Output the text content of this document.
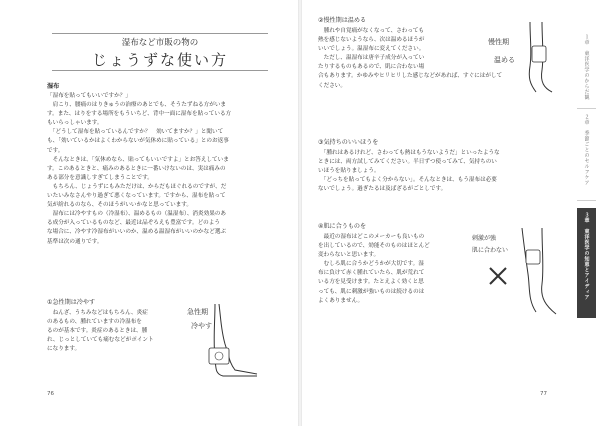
湿布など市販の物の
じょうずな使い方

湿布

「湿布を貼ってもいいですか？」
　肩こり、腰痛のはりきゅうの治療のあとでも、そうたずねる方がいま
す。また、はりをする場所をもういちど、背中一面に湿布を貼っている方
もいらっしゃいます。
　「どうして湿布を貼っているんですか？　効いてますか？」と聞いて
も、「効いているかはよくわからないが気休めに貼っている」とのお返事
です。
　そんなときは、「気休めなら、貼ってもいいですよ」とお答えしていま
す。このあるときと、痛みのあるときに一番いけないのは、実は痛みの
ある部分を意識しすぎてしまうことです。
　もちろん、じょうずにもみただけは、からだもほぐれるのですが、だ
いたいみなさんやり過ぎて悪くなっています。ですから、湿布を貼って
気が紛れるのなら、そのほうがいいかなと思っています。
　湿布には冷やすもの（冷湿布）、温めるもの（温湿布）、消炎効果のあ
る成分が入っているものなど、最近は品ぞろえも豊富です。どのよう
な場合に、冷やす冷湿布がいいのか、温める温湿布がいいのかなど選ぶ
基準は次の通りです。

①急性期は冷やす

　ねんざ、うちみなどはもちろん、炎症
のあるもの、腫れていますの冷湿布を
るのが基本です。炎症のあるときは、腫
れ、じっとしていても痛むなどがポイント
になります。
急性期
冷やす
76

②慢性期は温める

　腫れや自覚痛がなくなって、さわっても
熱を感じないようなら、次は温めるほうが
いいでしょう。温湿布に変えてください。
　ただし、温湿布は唐辛子成分が入ってい
たりするものもあるので、肌に合わない場
合もあります。かゆみやヒリヒリした感じなどがあれば、すぐにはがして
ください。
慢性期
温める

③気持ちのいいほうを

　「腫れはあるけれど、さわっても熱はもうないようだ」といったような
ときには、両方試してみてください。半日ずつ使ってみて、気持ちのい
いほうを貼りましょう。
　「どっちを貼ってもよく分からない」。そんなときは、もう湿布は必要
ないでしょう。過ぎたるは及ばざるがごとしです。

④肌に合うものを

　最近の湿布はどこのメーカーも良いもの
を出しているので、効能そのものはほとんど
変わらないと思います。
　むしろ肌に合うかどうかが大切です。湿
布に負けて赤く腫れていたら、肌が荒れて
いる方を見受けます。たとえよく効くと思
っても、肌に刺激が強いものは続けるのは
よくありません。
刺激が強
肌に合わない
77
１章　東洋医学のからだ観
２章　季節ごとのセルフケア
３章　東洋医学の知恵とアイディア
